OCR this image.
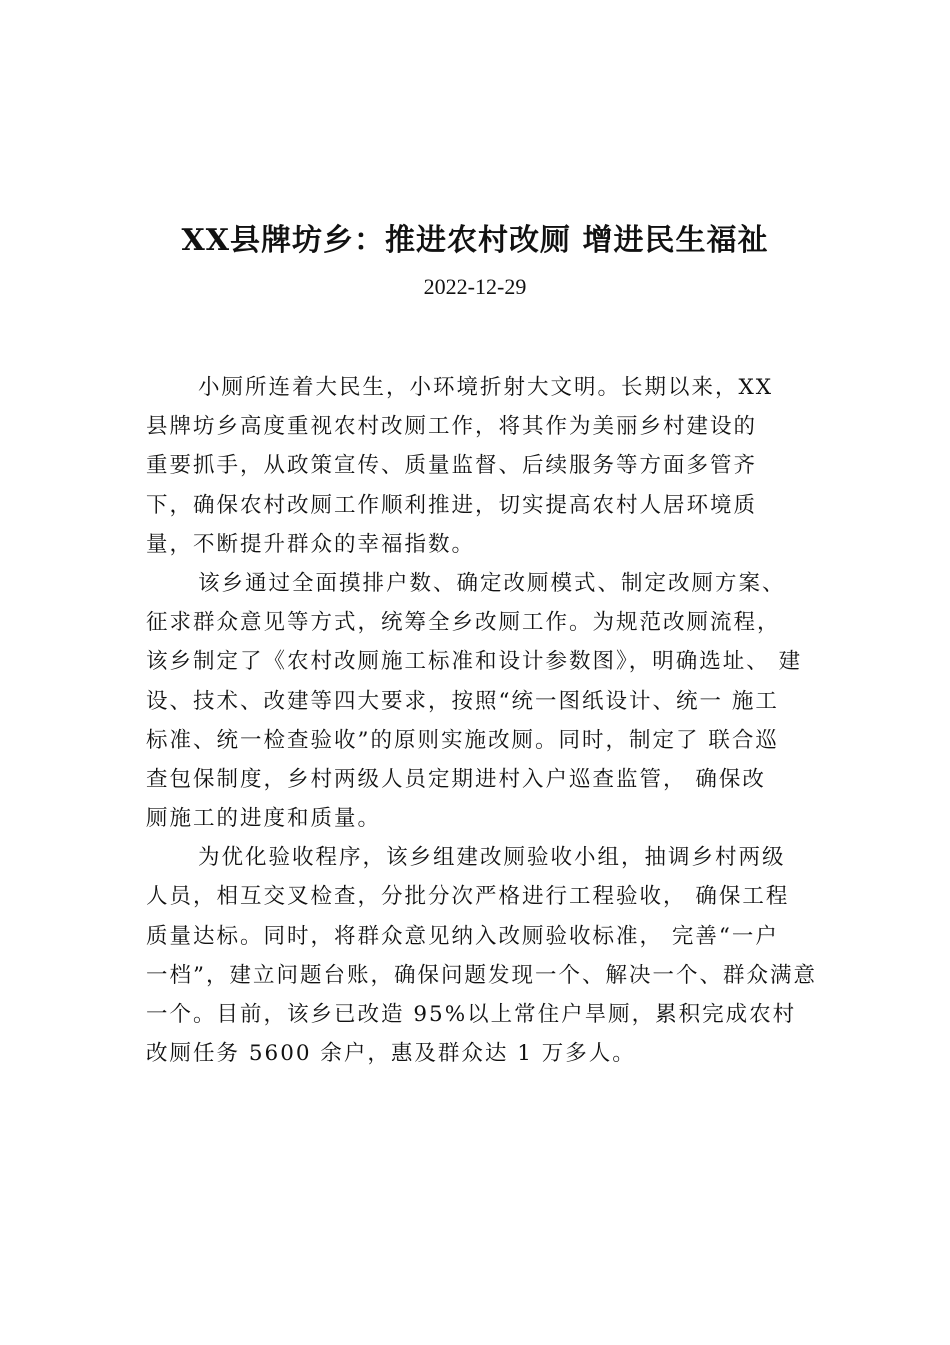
XX县牌坊乡：推进农村改厕 增进民生福祉
2022-12-29
小厕所连着大民生，小环境折射大文明。长期以来，XX
县牌坊乡高度重视农村改厕工作，将其作为美丽乡村建设的
重要抓手，从政策宣传、质量监督、后续服务等方面多管齐
下，确保农村改厕工作顺利推进，切实提高农村人居环境质
量，不断提升群众的幸福指数。
该乡通过全面摸排户数、确定改厕模式、制定改厕方案、
征求群众意见等方式，统筹全乡改厕工作。为规范改厕流程，
该乡制定了《农村改厕施工标准和设计参数图》，明确选址、 建
设、技术、改建等四大要求，按照“统一图纸设计、统一 施工
标准、统一检查验收”的原则实施改厕。同时，制定了 联合巡
查包保制度，乡村两级人员定期进村入户巡查监管， 确保改
厕施工的进度和质量。
为优化验收程序，该乡组建改厕验收小组，抽调乡村两级
人员，相互交叉检查，分批分次严格进行工程验收， 确保工程
质量达标。同时，将群众意见纳入改厕验收标准， 完善“一户
一档”，建立问题台账，确保问题发现一个、解决一个、群众满意
一个。目前，该乡已改造 95%以上常住户旱厕，累积完成农村
改厕任务 5600 余户，惠及群众达 1 万多人。
